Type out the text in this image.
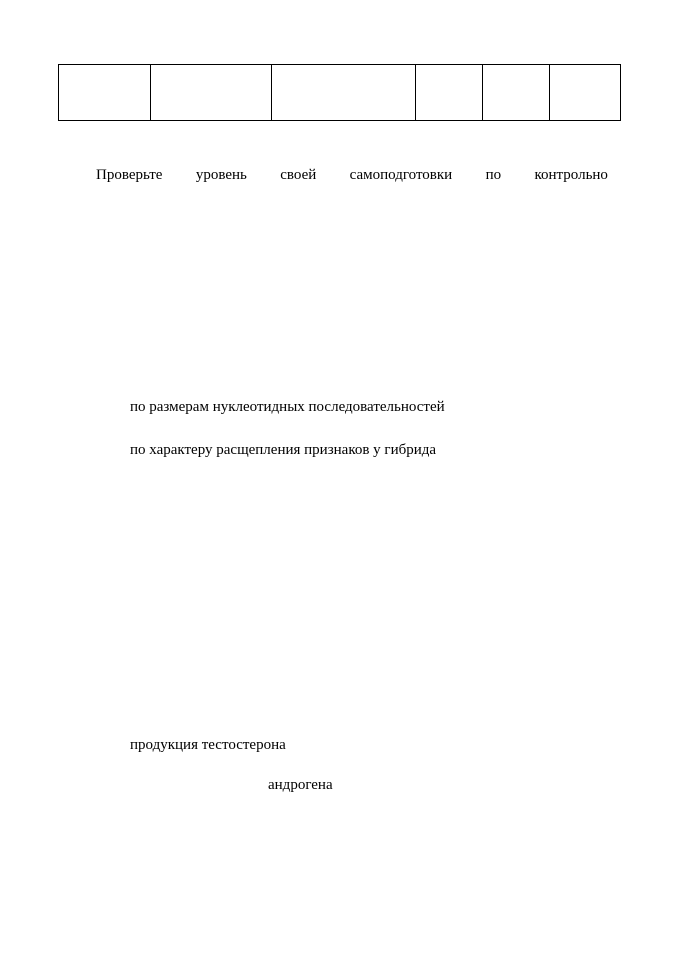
Проверьте уровень своей самоподготовки по контрольно
по размерам нуклеотидных последовательностей
по характеру расщепления признаков у гибрида
продукция тестостерона
андрогена
